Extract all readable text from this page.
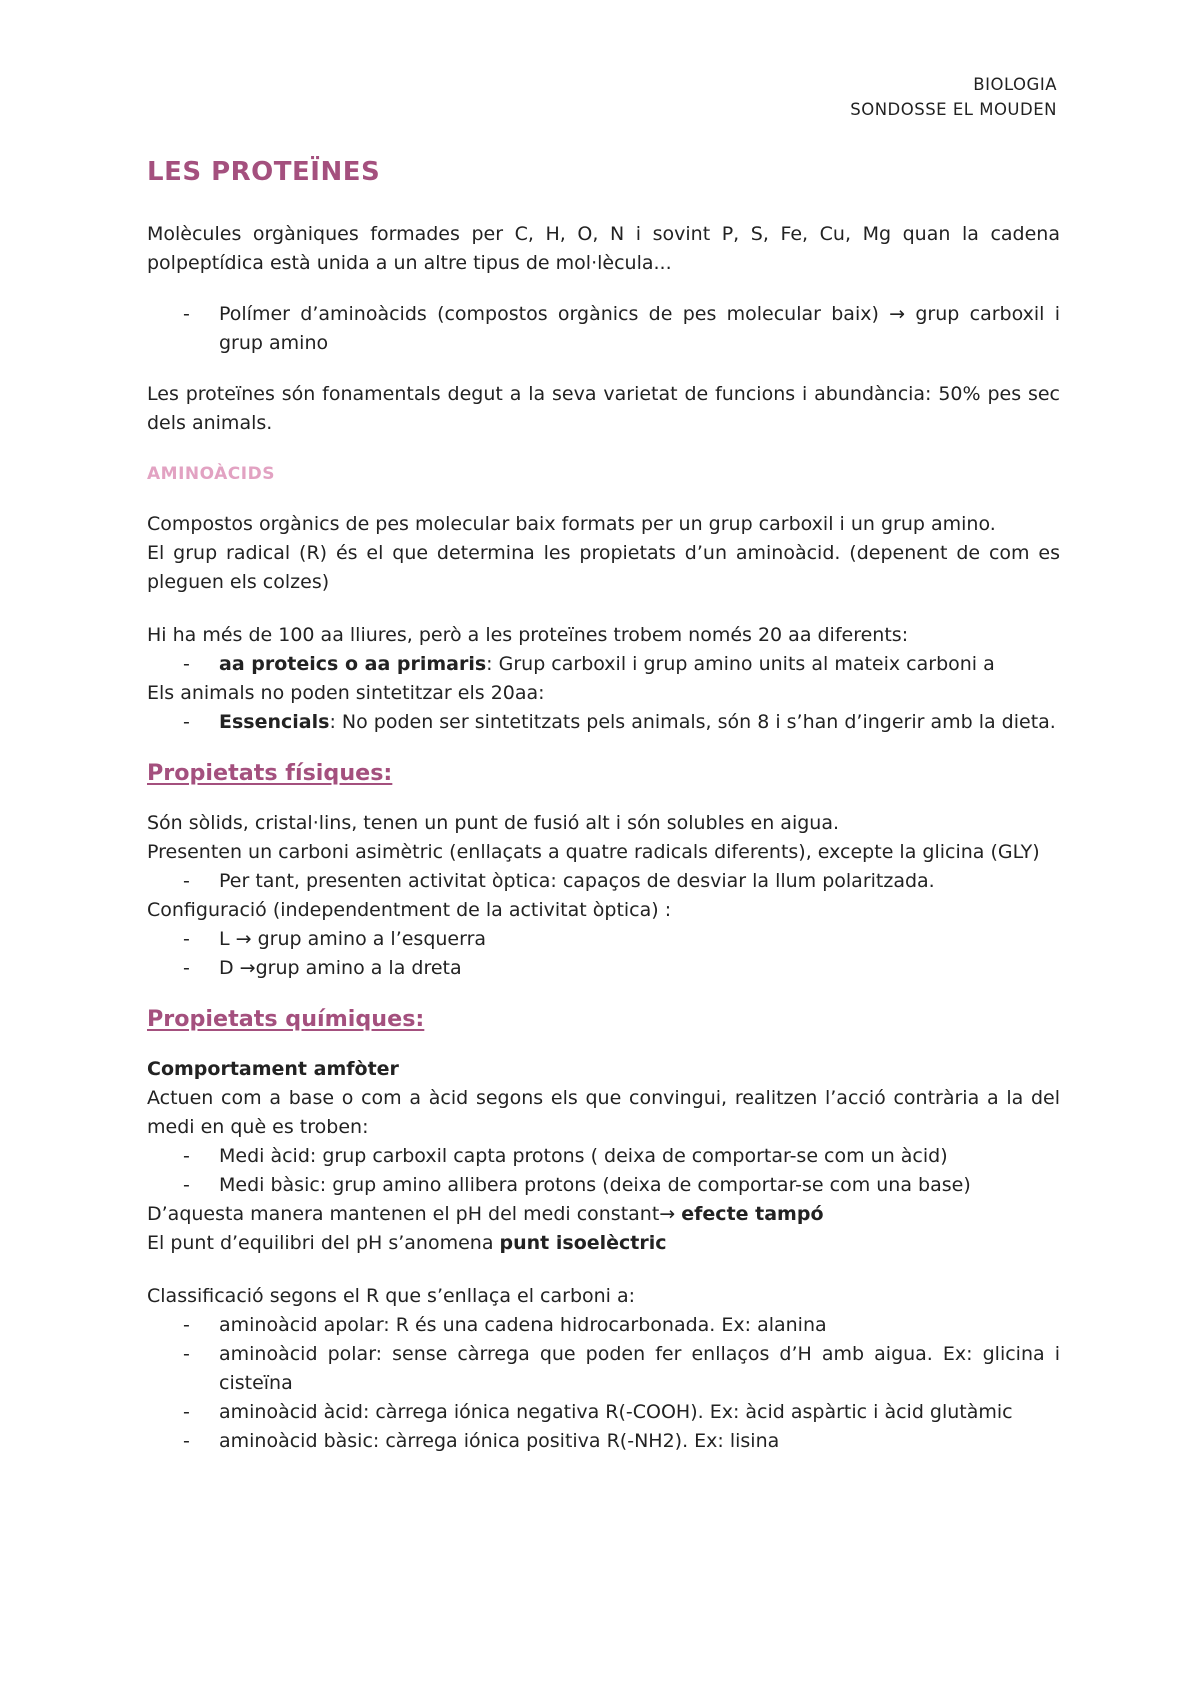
BIOLOGIA
SONDOSSE EL MOUDEN
LES PROTEÏNES

Molècules orgàniques formades per C, H, O, N i sovint P, S, Fe, Cu, Mg quan la cadena polpeptídica està unida a un altre tipus de mol·lècula...

- Polímer d’aminoàcids (compostos orgànics de pes molecular baix) → grup carboxil i grup amino

Les proteïnes són fonamentals degut a la seva varietat de funcions i abundància: 50% pes sec dels animals.

AMINOÀCIDS

Compostos orgànics de pes molecular baix formats per un grup carboxil i un grup amino.

El grup radical (R) és el que determina les propietats d’un aminoàcid. (depenent de com es pleguen els colzes)

Hi ha més de 100 aa lliures, però a les proteïnes trobem només 20 aa diferents:

- aa proteics o aa primaris: Grup carboxil i grup amino units al mateix carboni a

Els animals no poden sintetitzar els 20aa:

- Essencials: No poden ser sintetitzats pels animals, són 8 i s’han d’ingerir amb la dieta.
Propietats físiques:

Són sòlids, cristal·lins, tenen un punt de fusió alt i són solubles en aigua.

Presenten un carboni asimètric (enllaçats a quatre radicals diferents), excepte la glicina (GLY)

- Per tant, presenten activitat òptica: capaços de desviar la llum polaritzada.

Configuració (independentment de la activitat òptica) :

- L → grup amino a l’esquerra
- D →grup amino a la dreta
Propietats químiques:

Comportament amfòter

Actuen com a base o com a àcid segons els que convingui, realitzen l’acció contrària a la del medi en què es troben:

- Medi àcid: grup carboxil capta protons ( deixa de comportar-se com un àcid)
- Medi bàsic: grup amino allibera protons (deixa de comportar-se com una base)

D’aquesta manera mantenen el pH del medi constant→ efecte tampó

El punt d’equilibri del pH s’anomena punt isoelèctric

Classificació segons el R que s’enllaça el carboni a:

- aminoàcid apolar: R és una cadena hidrocarbonada. Ex: alanina
- aminoàcid polar: sense càrrega que poden fer enllaços d’H amb aigua. Ex: glicina i cisteïna
- aminoàcid àcid: càrrega iónica negativa R(-COOH). Ex: àcid aspàrtic i àcid glutàmic
- aminoàcid bàsic: càrrega iónica positiva R(-NH2). Ex: lisina
